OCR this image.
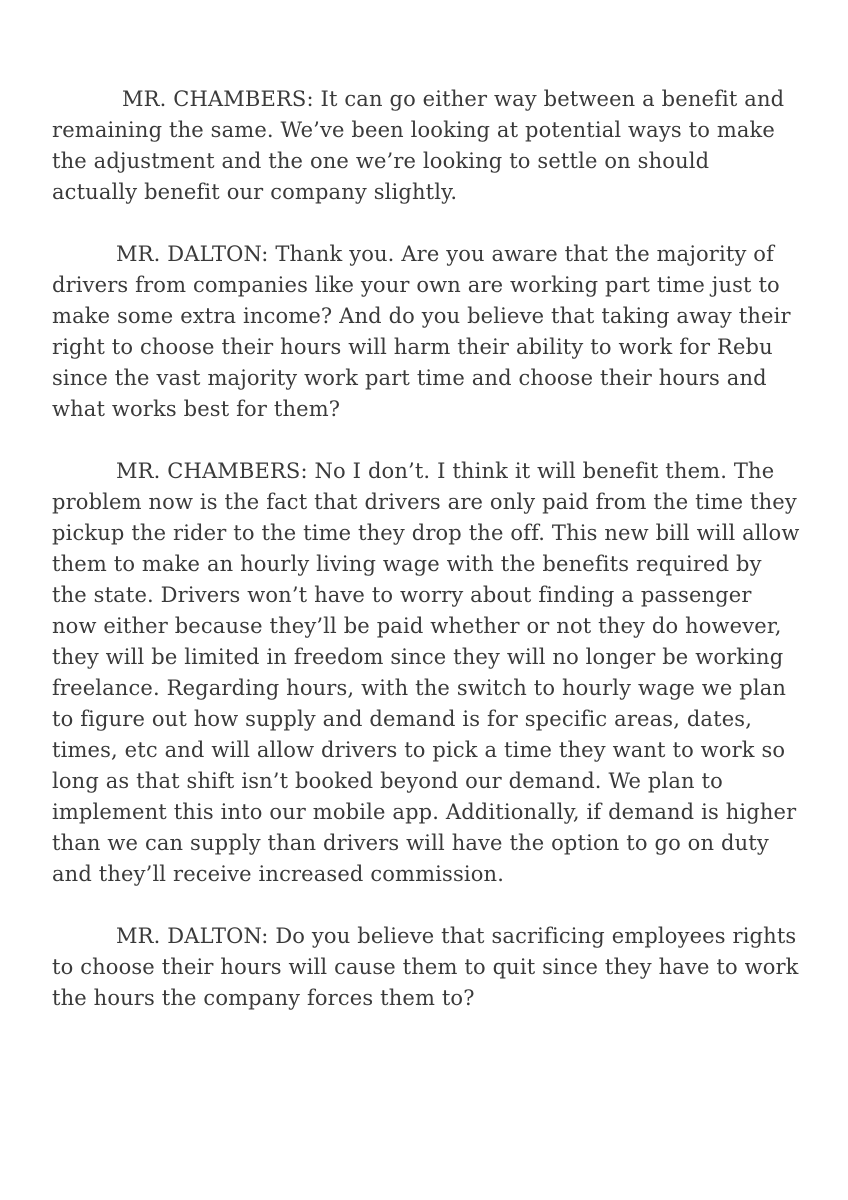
MR. CHAMBERS: It can go either way between a benefit and remaining the same. We’ve been looking at potential ways to make the adjustment and the one we’re looking to settle on should actually benefit our company slightly.

MR. DALTON: Thank you. Are you aware that the majority of drivers from companies like your own are working part time just to make some extra income? And do you believe that taking away their right to choose their hours will harm their ability to work for Rebu since the vast majority work part time and choose their hours and what works best for them?

MR. CHAMBERS: No I don’t. I think it will benefit them. The problem now is the fact that drivers are only paid from the time they pickup the rider to the time they drop the off. This new bill will allow them to make an hourly living wage with the benefits required by the state. Drivers won’t have to worry about finding a passenger now either because they’ll be paid whether or not they do however, they will be limited in freedom since they will no longer be working freelance. Regarding hours, with the switch to hourly wage we plan to figure out how supply and demand is for specific areas, dates, times, etc and will allow drivers to pick a time they want to work so long as that shift isn’t booked beyond our demand. We plan to implement this into our mobile app. Additionally, if demand is higher than we can supply than drivers will have the option to go on duty and they’ll receive increased commission.

MR. DALTON: Do you believe that sacrificing employees rights to choose their hours will cause them to quit since they have to work the hours the company forces them to?
